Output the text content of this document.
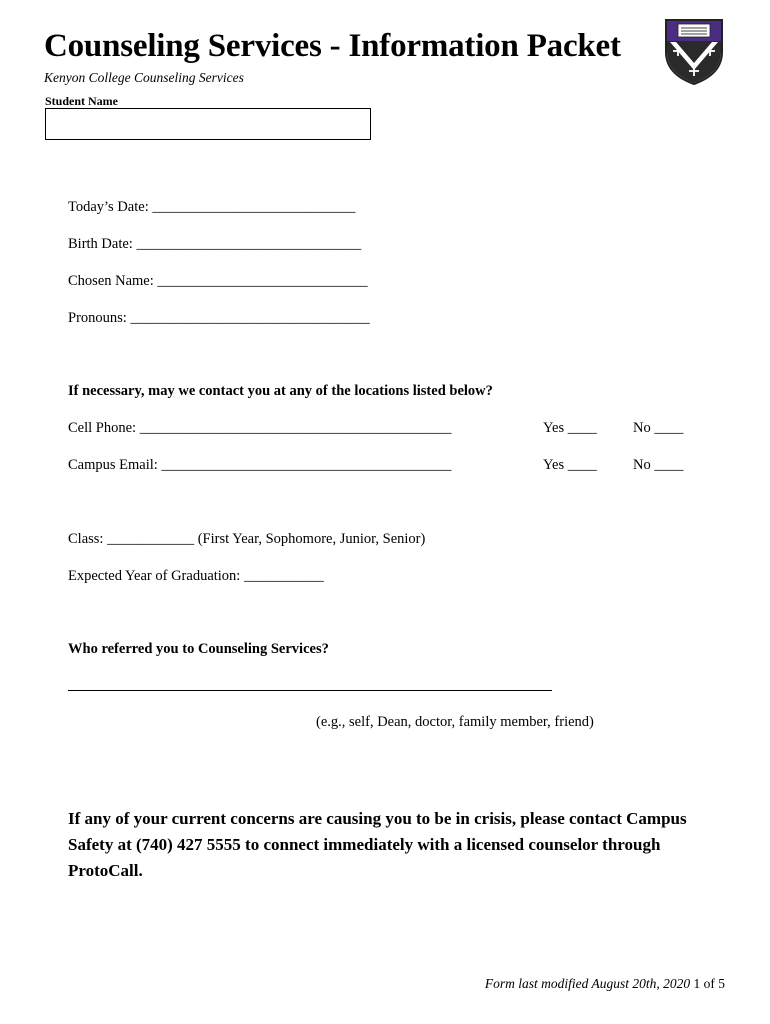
Counseling Services - Information Packet
Kenyon College Counseling Services
Student Name
Today’s Date: ____________________________
Birth Date: _______________________________
Chosen Name: _____________________________
Pronouns: _________________________________
If necessary, may we contact you at any of the locations listed below?
Cell Phone: ___________________________________________	Yes ____	No ____
Campus Email: ________________________________________	Yes ____	No ____
Class: ____________ (First Year, Sophomore, Junior, Senior)
Expected Year of Graduation: ___________
Who referred you to Counseling Services?
(e.g., self, Dean, doctor, family member, friend)
If any of your current concerns are causing you to be in crisis, please contact Campus Safety at (740) 427 5555 to connect immediately with a licensed counselor through ProtoCall.
Form last modified August 20th, 2020 1 of 5
